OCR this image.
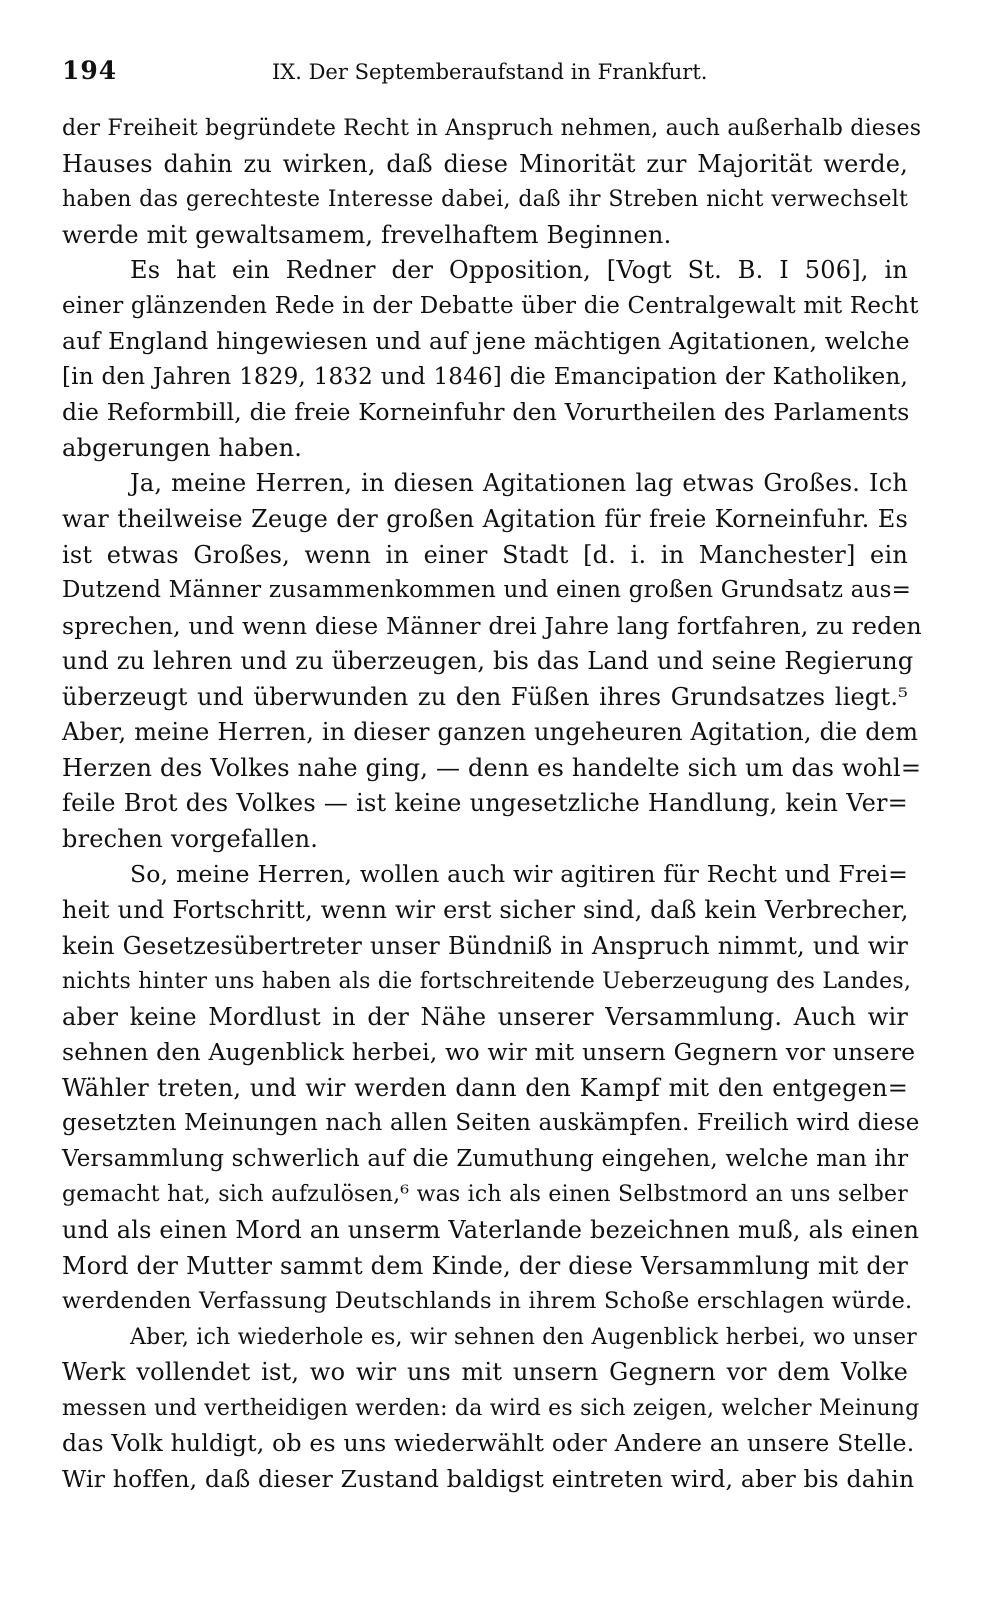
194	IX. Der Septemberaufstand in Frankfurt.
der Freiheit begründete Recht in Anspruch nehmen, auch außerhalb dieses
Hauses dahin zu wirken, daß diese Minorität zur Majorität werde,
haben das gerechteste Interesse dabei, daß ihr Streben nicht verwechselt
werde mit gewaltsamem, frevelhaftem Beginnen.
Es hat ein Redner der Opposition, [Vogt St. B. I 506], in
einer glänzenden Rede in der Debatte über die Centralgewalt mit Recht
auf England hingewiesen und auf jene mächtigen Agitationen, welche
[in den Jahren 1829, 1832 und 1846] die Emancipation der Katholiken,
die Reformbill, die freie Korneinfuhr den Vorurtheilen des Parlaments
abgerungen haben.
Ja, meine Herren, in diesen Agitationen lag etwas Großes. Ich
war theilweise Zeuge der großen Agitation für freie Korneinfuhr. Es
ist etwas Großes, wenn in einer Stadt [d. i. in Manchester] ein
Dutzend Männer zusammenkommen und einen großen Grundsatz aus=
sprechen, und wenn diese Männer drei Jahre lang fortfahren, zu reden
und zu lehren und zu überzeugen, bis das Land und seine Regierung
überzeugt und überwunden zu den Füßen ihres Grundsatzes liegt.⁵
Aber, meine Herren, in dieser ganzen ungeheuren Agitation, die dem
Herzen des Volkes nahe ging, — denn es handelte sich um das wohl=
feile Brot des Volkes — ist keine ungesetzliche Handlung, kein Ver=
brechen vorgefallen.
So, meine Herren, wollen auch wir agitiren für Recht und Frei=
heit und Fortschritt, wenn wir erst sicher sind, daß kein Verbrecher,
kein Gesetzesübertreter unser Bündniß in Anspruch nimmt, und wir
nichts hinter uns haben als die fortschreitende Ueberzeugung des Landes,
aber keine Mordlust in der Nähe unserer Versammlung. Auch wir
sehnen den Augenblick herbei, wo wir mit unsern Gegnern vor unsere
Wähler treten, und wir werden dann den Kampf mit den entgegen=
gesetzten Meinungen nach allen Seiten auskämpfen. Freilich wird diese
Versammlung schwerlich auf die Zumuthung eingehen, welche man ihr
gemacht hat, sich aufzulösen,⁶ was ich als einen Selbstmord an uns selber
und als einen Mord an unserm Vaterlande bezeichnen muß, als einen
Mord der Mutter sammt dem Kinde, der diese Versammlung mit der
werdenden Verfassung Deutschlands in ihrem Schoße erschlagen würde.
Aber, ich wiederhole es, wir sehnen den Augenblick herbei, wo unser
Werk vollendet ist, wo wir uns mit unsern Gegnern vor dem Volke
messen und vertheidigen werden: da wird es sich zeigen, welcher Meinung
das Volk huldigt, ob es uns wiederwählt oder Andere an unsere Stelle.
Wir hoffen, daß dieser Zustand baldigst eintreten wird, aber bis dahin
